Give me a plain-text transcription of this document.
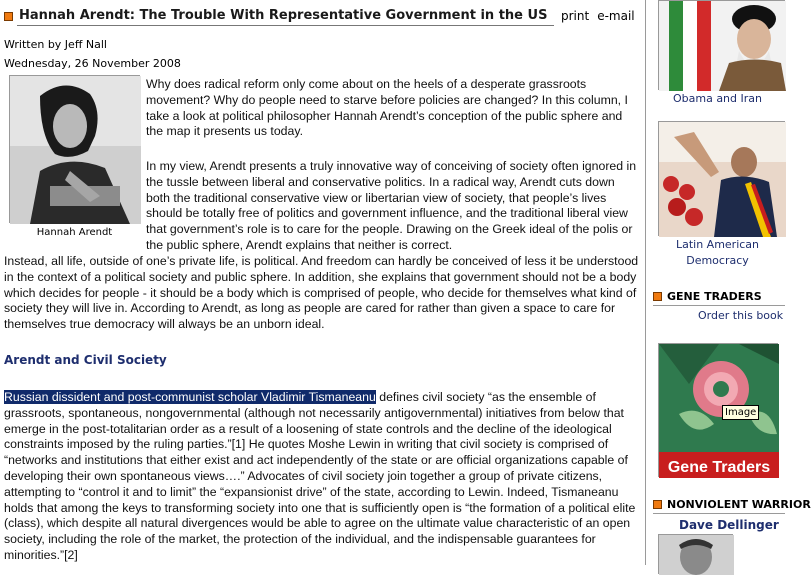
Hannah Arendt: The Trouble With Representative Government in the US print e-mail
Written by Jeff Nall
Wednesday, 26 November 2008
Hannah Arendt

Why does radical reform only come about on the heels of a desperate grassroots movement? Why do people need to starve before policies are changed? In this column, I take a look at political philosopher Hannah Arendt’s conception of the public sphere and the map it presents us today.

In my view, Arendt presents a truly innovative way of conceiving of society often ignored in the tussle between liberal and conservative politics. In a radical way, Arendt cuts down both the traditional conservative view or libertarian view of society, that people’s lives should be totally free of politics and government influence, and the traditional liberal view that government’s role is to care for the people. Drawing on the Greek ideal of the polis or the public sphere, Arendt explains that neither is correct.

Instead, all life, outside of one’s private life, is political. And freedom can hardly be conceived of less it be understood in the context of a political society and public sphere. In addition, she explains that government should not be a body which decides for people - it should be a body which is comprised of people, who decide for themselves what kind of society they will live in. According to Arendt, as long as people are cared for rather than given a space to care for themselves true democracy will always be an unborn ideal.

Arendt and Civil Society

Russian dissident and post-communist scholar Vladimir Tismaneanu defines civil society “as the ensemble of grassroots, spontaneous, nongovernmental (although not necessarily antigovernmental) initiatives from below that emerge in the post-totalitarian order as a result of a loosening of state controls and the decline of the ideological constraints imposed by the ruling parties.”[1] He quotes Moshe Lewin in writing that civil society is comprised of “networks and institutions that either exist and act independently of the state or are official organizations capable of developing their own spontaneous views….” Advocates of civil society join together a group of private citizens, attempting to “control it and to limit” the “expansionist drive” of the state, according to Lewin. Indeed, Tismaneanu holds that among the keys to transforming society into one that is sufficiently open is “the formation of a political elite (class), which despite all natural divergences would be able to agree on the ultimate value characteristic of an open society, including the role of the market, the protection of the individual, and the indispensable guarantees for minorities.”[2]

Obama and Iran
Latin American
Democracy
GENE TRADERS
Order this book
Gene Traders
NONVIOLENT WARRIOR
Dave Dellinger
Image
